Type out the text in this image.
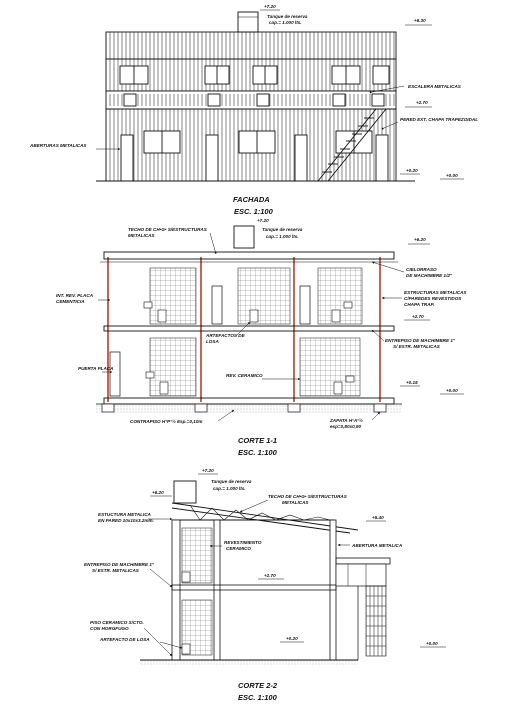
+7.20
Tanque de reserva
cap.= 1.000 lts.	+6.30
+2.70
+0.20
+0.00
ESCALERA METALICAS
PERED EXT. CHAPA TRAPEZOIDAL
ABERTURAS METALICAS
FACHADA
ESC. 1:100
+7.20
Tanque de reserva
cap.= 1.000 lts.
TECHO DE CH•G• S/ESTRUCTURAS
METALICAS
+6.20
CIELORRASO
DE MACHIMBRE 1/2"
INT. REV. PLACA
CEMENTICIA
ESTRUCTURAS METALICAS
C/PAREDES REVESTIDOS
CHAPA TRAP.
+2.70
ARTEFACTOS DE
LOSA	ENTREPISO DE MACHIMBRE 1"
S/ ESTR. METALICAS
PUERTA PLACA
REV. CERAMICO
+0.15
+0.00
CONTRAPISO H°P°½ Esp.=0,10m	ZAPATA H°A°½
esp=0,80x0,90
CORTE 1-1
ESC. 1:100
+7.20
Tanque de reserva
cap.= 1.000 lts.
+6.20
TECHO DE CH•G• S/ESTRUCTURAS
METALICAS
+5.40
ESTUCTURA METALICA
EN PARED 10x10x3.2mm.
REVESTIMIENTO
CERAMICO
ABERTURA METALICA
ENTREPISO DE MACHIMBRE 1"
S/ ESTR. METALICAS
+2.70
PISO CERAMICO S/CTO.
CON HORGFUGO
ARTEFACTO DE LOSA	+0.20
+0.00
CORTE 2-2
ESC. 1:100
